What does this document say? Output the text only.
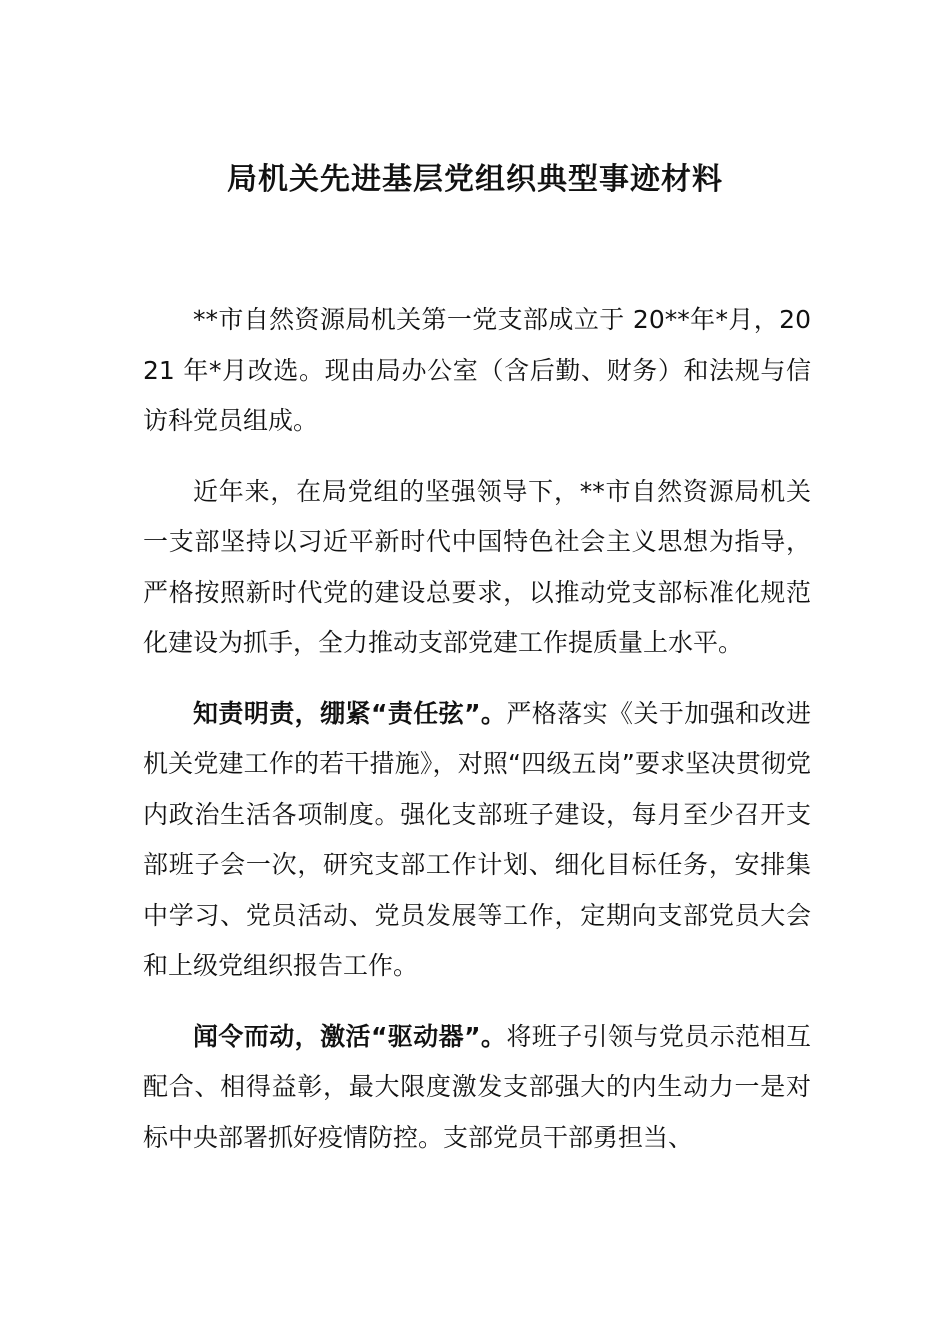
局机关先进基层党组织典型事迹材料

**市自然资源局机关第一党支部成立于 20**年*月，2021 年*月改选。现由局办公室（含后勤、财务）和法规与信访科党员组成。

近年来，在局党组的坚强领导下，**市自然资源局机关一支部坚持以习近平新时代中国特色社会主义思想为指导，严格按照新时代党的建设总要求，以推动党支部标准化规范化建设为抓手，全力推动支部党建工作提质量上水平。

知责明责，绷紧“责任弦”。严格落实《关于加强和改进机关党建工作的若干措施》，对照“四级五岗”要求坚决贯彻党内政治生活各项制度。强化支部班子建设，每月至少召开支部班子会一次，研究支部工作计划、细化目标任务，安排集中学习、党员活动、党员发展等工作，定期向支部党员大会和上级党组织报告工作。

闻令而动，激活“驱动器”。将班子引领与党员示范相互配合、相得益彰，最大限度激发支部强大的内生动力一是对标中央部署抓好疫情防控。支部党员干部勇担当、
